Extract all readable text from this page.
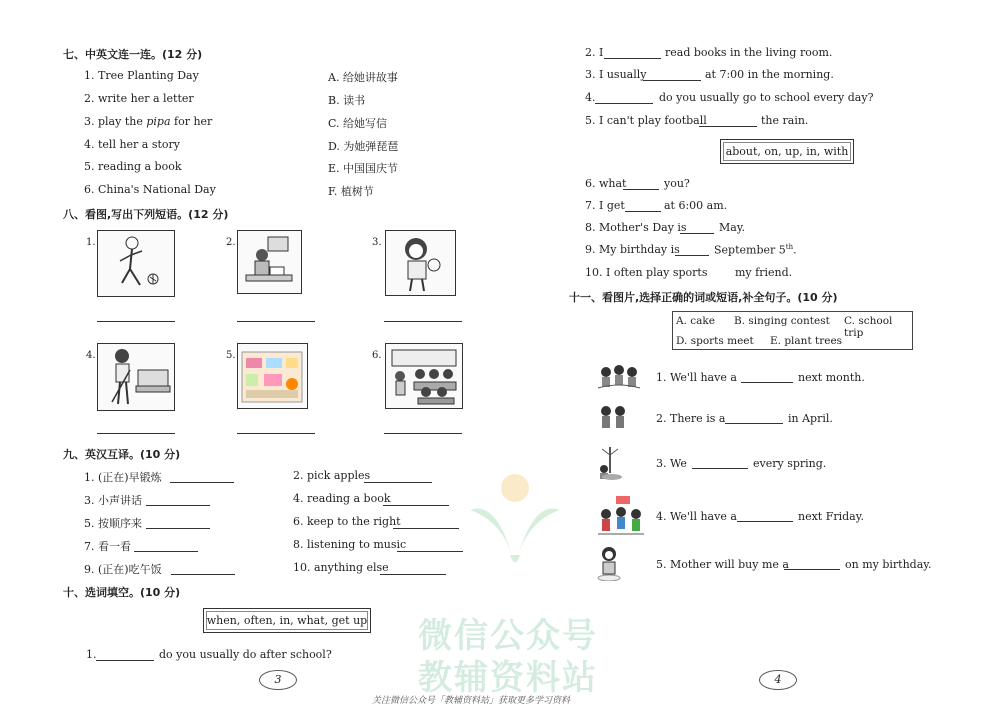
七、中英文连一连。(12 分)
1. Tree Planting Day
2. write her a letter
3. play the pipa for her
4. tell her a story
5. reading a book
6. China's National Day
A. 给她讲故事
B. 读书
C. 给她写信
D. 为她弹琵琶
E. 中国国庆节
F. 植树节
八、看图,写出下列短语。(12 分)
1.	2.	3.
4.	5.	6.
九、英汉互译。(10 分)
1. (正在)早锻炼	2. pick apples
3. 小声讲话	4. reading a book
5. 按顺序来	6. keep to the right
7. 看一看	8. listening to music
9. (正在)吃午饭	10. anything else
十、选词填空。(10 分)
when, often, in, what, get up
1.	do you usually do after school?
3
2. I	read books in the living room.
3. I usually	at 7:00 in the morning.
4.	do you usually go to school every day?
5. I can't play football	the rain.
about, on, up, in, with
6. what	you?
7. I get	at 6:00 am.
8. Mother's Day is	May.
9. My birthday is	September 5th.
10. I often play sports	my friend.
十一、看图片,选择正确的词或短语,补全句子。(10 分)
A. cake B. singing contest C. school trip
D. sports meet E. plant trees
1. We'll have a	next month.
2. There is a	in April.
3. We	every spring.
4. We'll have a	next Friday.
5. Mother will buy me a	on my birthday.
4
微信公众号
教辅资料站
关注微信公众号「教辅资料站」获取更多学习资料
